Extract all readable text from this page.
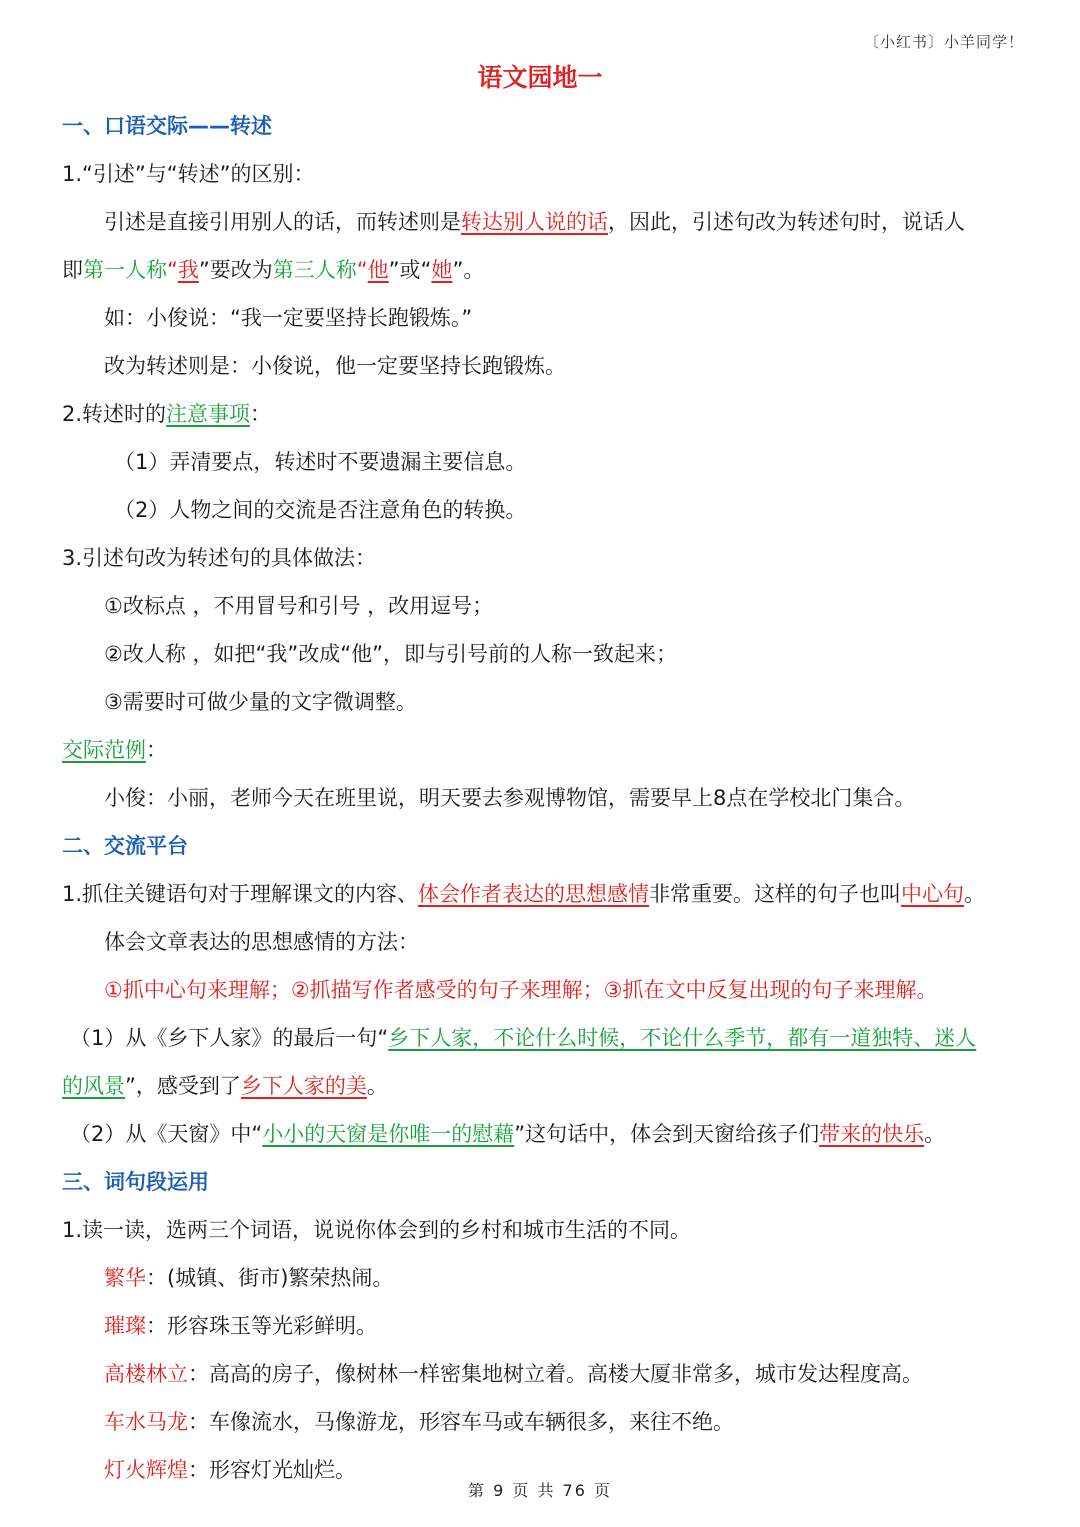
〔小红书〕小羊同学！
语文园地一
一、口语交际——转述
1.“引述”与“转述”的区别：
引述是直接引用别人的话，而转述则是转达别人说的话，因此，引述句改为转述句时，说话人
即第一人称“我”要改为第三人称“他”或“她”。
如：小俊说：“我一定要坚持长跑锻炼。”
改为转述则是：小俊说，他一定要坚持长跑锻炼。
2.转述时的注意事项：
（1）弄清要点，转述时不要遗漏主要信息。
（2）人物之间的交流是否注意角色的转换。
3.引述句改为转述句的具体做法：
①改标点 ，不用冒号和引号 ，改用逗号；
②改人称 ，如把“我”改成“他”，即与引号前的人称一致起来；
③需要时可做少量的文字微调整。
交际范例：
小俊：小丽，老师今天在班里说，明天要去参观博物馆，需要早上8点在学校北门集合。
二、交流平台
1.抓住关键语句对于理解课文的内容、体会作者表达的思想感情非常重要。这样的句子也叫中心句。
体会文章表达的思想感情的方法：
①抓中心句来理解；②抓描写作者感受的句子来理解；③抓在文中反复出现的句子来理解。
（1）从《乡下人家》的最后一句“乡下人家，不论什么时候，不论什么季节，都有一道独特、迷人
的风景”，感受到了乡下人家的美。
（2）从《天窗》中“小小的天窗是你唯一的慰藉”这句话中，体会到天窗给孩子们带来的快乐。
三、词句段运用
1.读一读，选两三个词语，说说你体会到的乡村和城市生活的不同。
繁华：(城镇、街市)繁荣热闹。
璀璨：形容珠玉等光彩鲜明。
高楼林立：高高的房子，像树林一样密集地树立着。高楼大厦非常多，城市发达程度高。
车水马龙：车像流水，马像游龙，形容车马或车辆很多，来往不绝。
灯火辉煌：形容灯光灿烂。
第 9 页 共 76 页
